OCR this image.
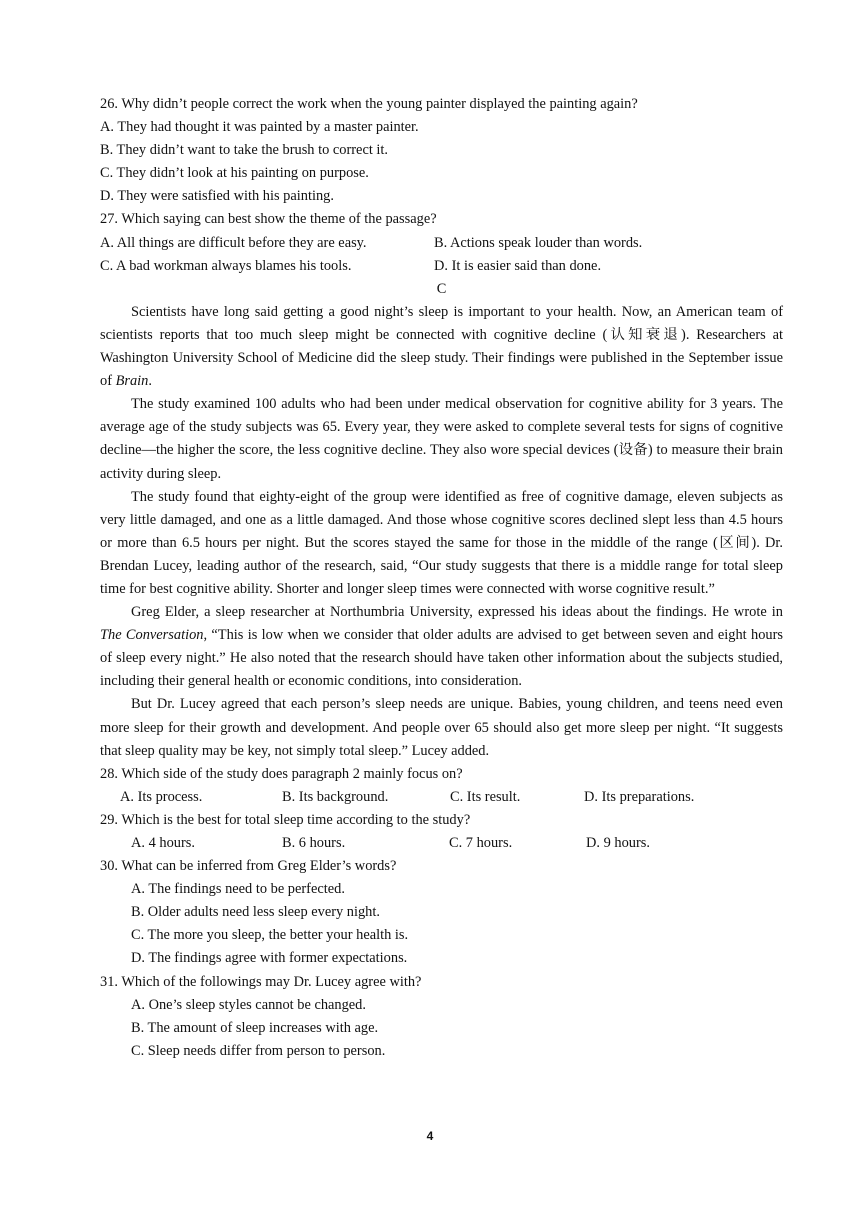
26. Why didn’t people correct the work when the young painter displayed the painting again?
A. They had thought it was painted by a master painter.
B. They didn’t want to take the brush to correct it.
C. They didn’t look at his painting on purpose.
D. They were satisfied with his painting.
27. Which saying can best show the theme of the passage?
A. All things are difficult before they are easy.	B. Actions speak louder than words.
C. A bad workman always blames his tools.	D. It is easier said than done.
C

Scientists have long said getting a good night’s sleep is important to your health. Now, an American team of scientists reports that too much sleep might be connected with cognitive decline (认知衰退). Researchers at Washington University School of Medicine did the sleep study. Their findings were published in the September issue of Brain.

The study examined 100 adults who had been under medical observation for cognitive ability for 3 years. The average age of the study subjects was 65. Every year, they were asked to complete several tests for signs of cognitive decline—the higher the score, the less cognitive decline. They also wore special devices (设备) to measure their brain activity during sleep.

The study found that eighty-eight of the group were identified as free of cognitive damage, eleven subjects as very little damaged, and one as a little damaged. And those whose cognitive scores declined slept less than 4.5 hours or more than 6.5 hours per night. But the scores stayed the same for those in the middle of the range (区间). Dr. Brendan Lucey, leading author of the research, said, “Our study suggests that there is a middle range for total sleep time for best cognitive ability. Shorter and longer sleep times were connected with worse cognitive result.”

Greg Elder, a sleep researcher at Northumbria University, expressed his ideas about the findings. He wrote in The Conversation, “This is low when we consider that older adults are advised to get between seven and eight hours of sleep every night.” He also noted that the research should have taken other information about the subjects studied, including their general health or economic conditions, into consideration.

But Dr. Lucey agreed that each person’s sleep needs are unique. Babies, young children, and teens need even more sleep for their growth and development. And people over 65 should also get more sleep per night. “It suggests that sleep quality may be key, not simply total sleep.” Lucey added.

28. Which side of the study does paragraph 2 mainly focus on?
A. Its process.	B. Its background.	C. Its result.	D. Its preparations.
29. Which is the best for total sleep time according to the study?
A. 4 hours.	B. 6 hours.	C. 7 hours.	D. 9 hours.
30. What can be inferred from Greg Elder’s words?
A. The findings need to be perfected.
B. Older adults need less sleep every night.
C. The more you sleep, the better your health is.
D. The findings agree with former expectations.
31. Which of the followings may Dr. Lucey agree with?
A. One’s sleep styles cannot be changed.
B. The amount of sleep increases with age.
C. Sleep needs differ from person to person.
4
